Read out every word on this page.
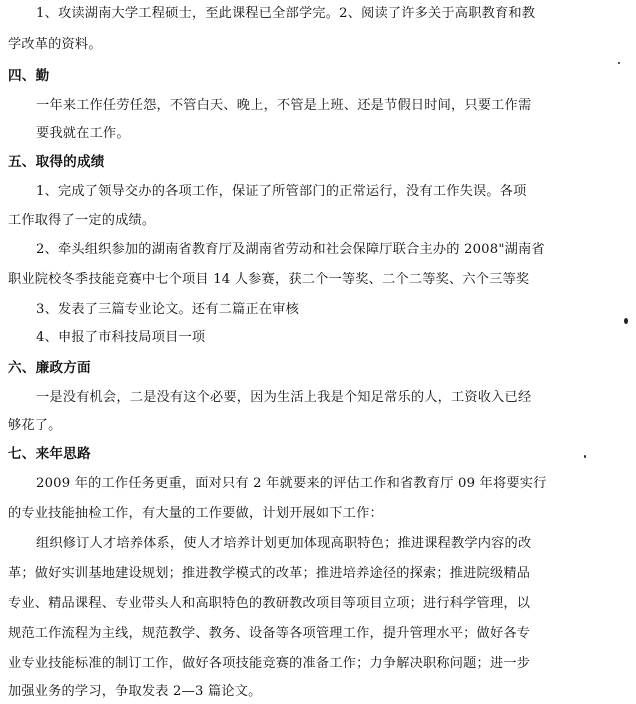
1、攻读湖南大学工程硕士，至此课程已全部学完。2、阅读了许多关于高职教育和教
学改革的资料。
四、勤
一年来工作任劳任怨，不管白天、晚上，不管是上班、还是节假日时间，只要工作需
要我就在工作。
五、取得的成绩
1、完成了领导交办的各项工作，保证了所管部门的正常运行，没有工作失误。各项
工作取得了一定的成绩。
2、牵头组织参加的湖南省教育厅及湖南省劳动和社会保障厅联合主办的 2008"湖南省
职业院校冬季技能竞赛中七个项目 14 人参赛，获二个一等奖、二个二等奖、六个三等奖
3、发表了三篇专业论文。还有二篇正在审核
4、申报了市科技局项目一项
六、廉政方面
一是没有机会，二是没有这个必要，因为生活上我是个知足常乐的人，工资收入已经
够花了。
七、来年思路
2009 年的工作任务更重，面对只有 2 年就要来的评估工作和省教育厅 09 年将要实行
的专业技能抽检工作，有大量的工作要做，计划开展如下工作：
组织修订人才培养体系，使人才培养计划更加体现高职特色；推进课程教学内容的改
革；做好实训基地建设规划；推进教学模式的改革；推进培养途径的探索；推进院级精品
专业、精品课程、专业带头人和高职特色的教研教改项目等项目立项；进行科学管理，以
规范工作流程为主线，规范教学、教务、设备等各项管理工作，提升管理水平；做好各专
业专业技能标准的制订工作，做好各项技能竞赛的准备工作；力争解决职称问题；进一步
加强业务的学习，争取发表 2—3 篇论文。
